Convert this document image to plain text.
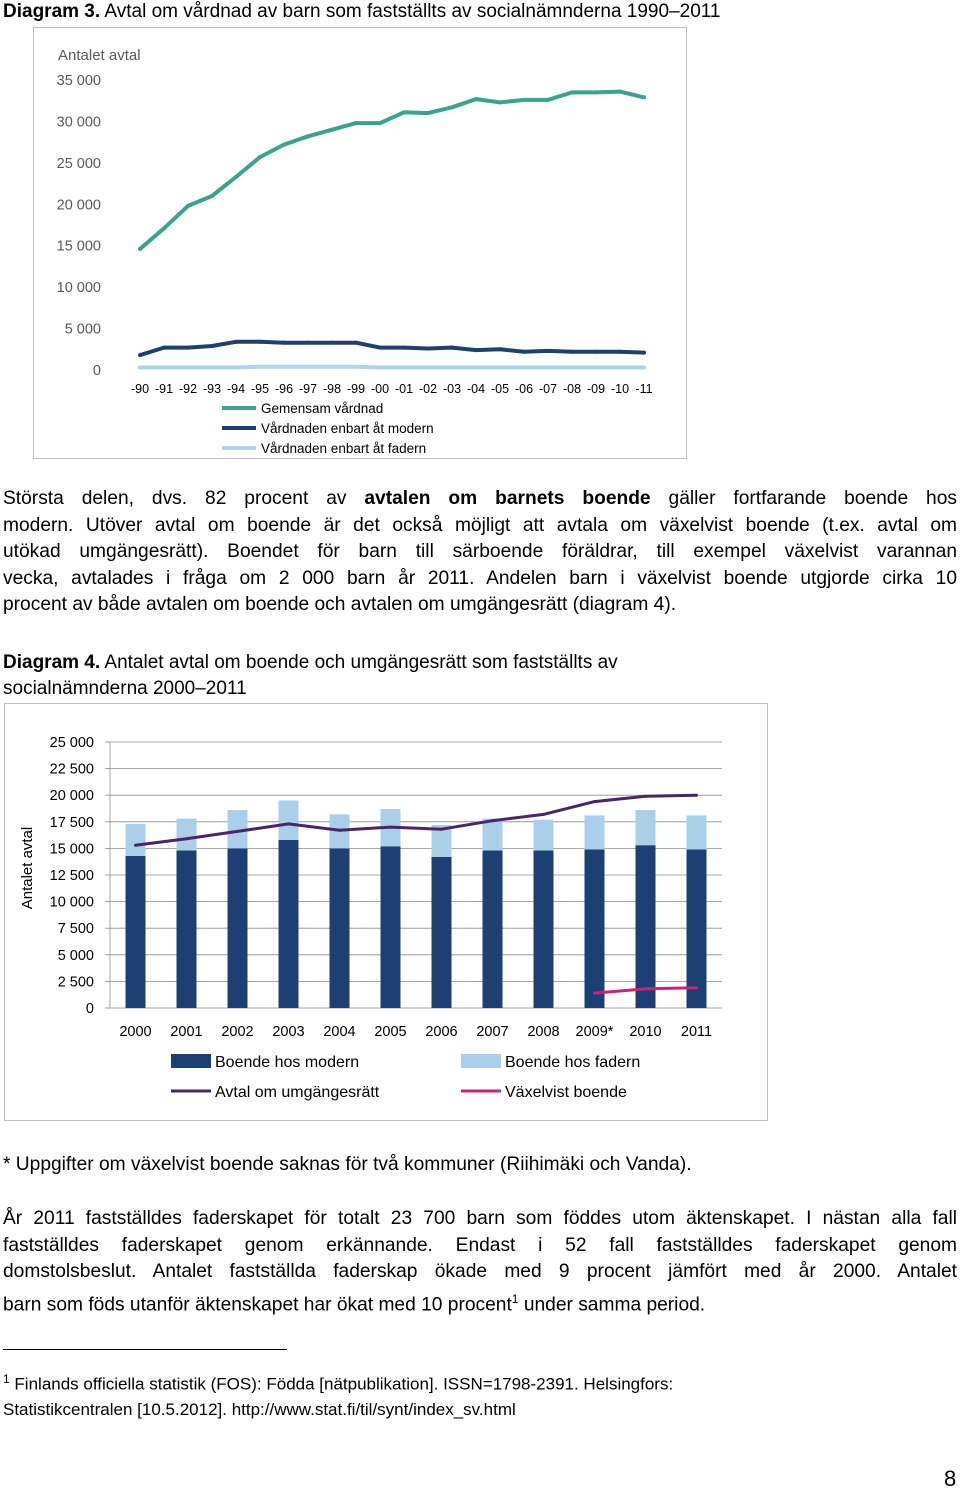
Diagram 3. Avtal om vårdnad av barn som fastställts av socialnämnderna 1990–2011
Antalet avtal
35 000
30 000
25 000
20 000
15 000
10 000
5 000
0
-90 -91 -92 -93 -94 -95 -96 -97 -98 -99 -00 -01 -02 -03 -04 -05 -06 -07 -08 -09 -10 -11
Gemensam vårdnad
Vårdnaden enbart åt modern
Vårdnaden enbart åt fadern
Största delen, dvs. 82 procent av avtalen om barnets boende gäller fortfarande boende hos
modern. Utöver avtal om boende är det också möjligt att avtala om växelvist boende (t.ex. avtal om
utökad umgängesrätt). Boendet för barn till särboende föräldrar, till exempel växelvist varannan
vecka, avtalades i fråga om 2 000 barn år 2011. Andelen barn i växelvist boende utgjorde cirka 10
procent av både avtalen om boende och avtalen om umgängesrätt (diagram 4).
Diagram 4. Antalet avtal om boende och umgängesrätt som fastställts av
socialnämnderna 2000–2011
Antalet avtal
25 000
22 500
20 000
17 500
15 000
12 500
10 000
7 500
5 000
2 500
0
2000 2001 2002 2003 2004 2005 2006 2007 2008 2009* 2010 2011
Boende hos modern	Boende hos fadern
Avtal om umgängesrätt	Växelvist boende
* Uppgifter om växelvist boende saknas för två kommuner (Riihimäki och Vanda).
År 2011 fastställdes faderskapet för totalt 23 700 barn som föddes utom äktenskapet. I nästan alla fall
fastställdes faderskapet genom erkännande. Endast i 52 fall fastställdes faderskapet genom
domstolsbeslut. Antalet fastställda faderskap ökade med 9 procent jämfört med år 2000. Antalet
barn som föds utanför äktenskapet har ökat med 10 procent$^1$ under samma period.
$^1$ Finlands officiella statistik (FOS): Födda [nätpublikation]. ISSN=1798-2391. Helsingfors:
Statistikcentralen [10.5.2012]. http://www.stat.fi/til/synt/index_sv.html
8
